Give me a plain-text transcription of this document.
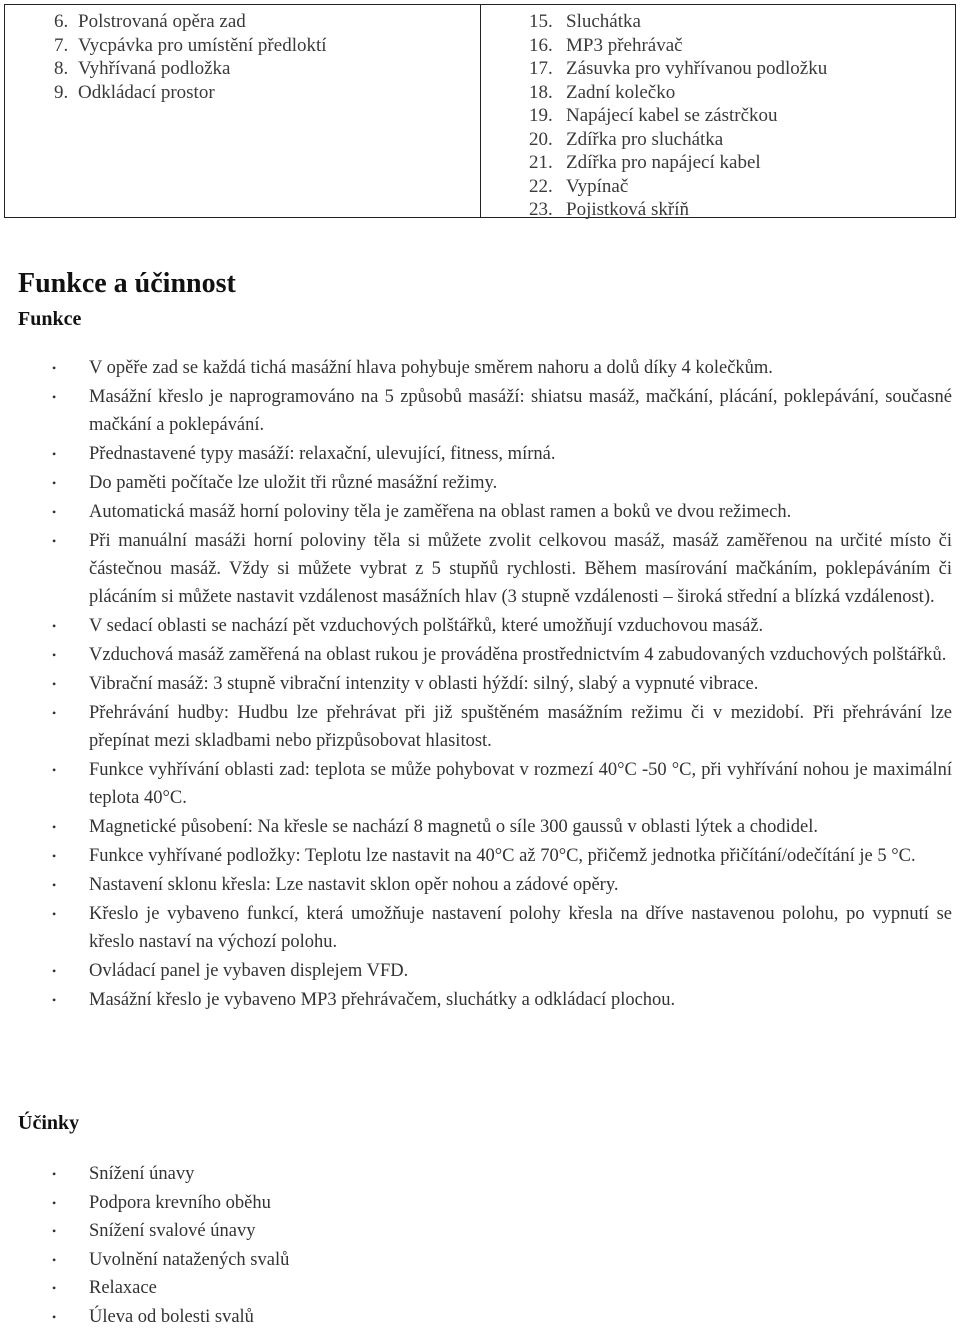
6. Polstrovaná opěra zad
7. Vycpávka pro umístění předloktí
8. Vyhřívaná podložka
9. Odkládací prostor
15. Sluchátka
16. MP3 přehrávač
17. Zásuvka pro vyhřívanou podložku
18. Zadní kolečko
19. Napájecí kabel se zástrčkou
20. Zdířka pro sluchátka
21. Zdířka pro napájecí kabel
22. Vypínač
23. Pojistková skříň
Funkce a účinnost
Funkce
• V opěře zad se každá tichá masážní hlava pohybuje směrem nahoru a dolů díky 4 kolečkům.
• Masážní křeslo je naprogramováno na 5 způsobů masáží: shiatsu masáž, mačkání, plácání, poklepávání, současné mačkání a poklepávání.
• Přednastavené typy masáží: relaxační, ulevující, fitness, mírná.
• Do paměti počítače lze uložit tři různé masážní režimy.
• Automatická masáž horní poloviny těla je zaměřena na oblast ramen a boků ve dvou režimech.
• Při manuální masáži horní poloviny těla si můžete zvolit celkovou masáž, masáž zaměřenou na určité místo či částečnou masáž. Vždy si můžete vybrat z 5 stupňů rychlosti. Během masírování mačkáním, poklepáváním či plácáním si můžete nastavit vzdálenost masážních hlav (3 stupně vzdálenosti – široká střední a blízká vzdálenost).
• V sedací oblasti se nachází pět vzduchových polštářků, které umožňují vzduchovou masáž.
• Vzduchová masáž zaměřená na oblast rukou je prováděna prostřednictvím 4 zabudovaných vzduchových polštářků.
• Vibrační masáž: 3 stupně vibrační intenzity v oblasti hýždí: silný, slabý a vypnuté vibrace.
• Přehrávání hudby: Hudbu lze přehrávat při již spuštěném masážním režimu či v mezidobí. Při přehrávání lze přepínat mezi skladbami nebo přizpůsobovat hlasitost.
• Funkce vyhřívání oblasti zad: teplota se může pohybovat v rozmezí 40°C -50 °C, při vyhřívání nohou je maximální teplota 40°C.
• Magnetické působení: Na křesle se nachází 8 magnetů o síle 300 gaussů v oblasti lýtek a chodidel.
• Funkce vyhřívané podložky: Teplotu lze nastavit na 40°C až 70°C, přičemž jednotka přičítání/odečítání je 5 °C.
• Nastavení sklonu křesla: Lze nastavit sklon opěr nohou a zádové opěry.
• Křeslo je vybaveno funkcí, která umožňuje nastavení polohy křesla na dříve nastavenou polohu, po vypnutí se křeslo nastaví na výchozí polohu.
• Ovládací panel je vybaven displejem VFD.
• Masážní křeslo je vybaveno MP3 přehrávačem, sluchátky a odkládací plochou.
Účinky
• Snížení únavy
• Podpora krevního oběhu
• Snížení svalové únavy
• Uvolnění natažených svalů
• Relaxace
• Úleva od bolesti svalů
